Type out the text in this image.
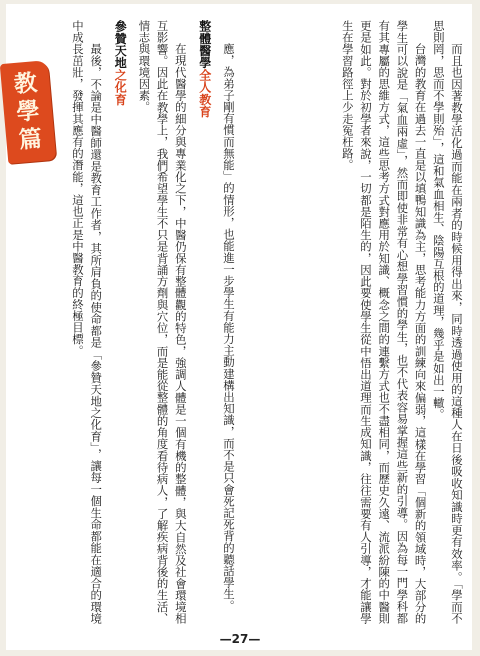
教
學
篇	而且也因著教學活化過而能在兩者的時候用得出來，同時透過使用的這種人在日後吸收知識時更有效率。「學而不思則罔，思而不學則殆」，這和氣血相生、陰陽互根的道理，幾乎是如出一轍。

台灣的教育在過去一直是以填鴨知識為主，思考能力方面的訓練向來偏弱，這樣在學習「個新的領域時，大部分的學生可以說是「氣血兩虛」，然而即使非常有心想學習慣的學生，也不代表容易掌握這些新的引導。因為每一門學科都有其專屬的思維方式，這些思考方式對應用於知識、概念之間的連繫方式也不盡相同，而歷史久遠、流派紛陳的中醫則更是如此。對於初學者來說，一切都是陌生的，因此要使學生從中悟出道理而生成知識，往往需要有人引導，才能讓學生在學習路徑上少走冤枉路。

應，為弟子剛有慣而無能」的情形，也能進一步學生有能力主動建構出知識，而不是只會死記死背的聽話學生。

整體醫學全人教育

在現代醫學的細分與專業化之下，中醫仍保有整體觀的特色，強調人體是一個有機的整體，與大自然及社會環境相互影響。因此在教學上，我們希望學生不只是背誦方劑與穴位，而是能從整體的角度看待病人，了解疾病背後的生活、情志與環境因素。

參贊天地之化育

最後，不論是中醫師還是教育工作者，其所肩負的使命都是「參贊天地之化育」，讓每一個生命都能在適合的環境中成長茁壯，發揮其應有的潛能，這也正是中醫教育的終極目標。

—27—
